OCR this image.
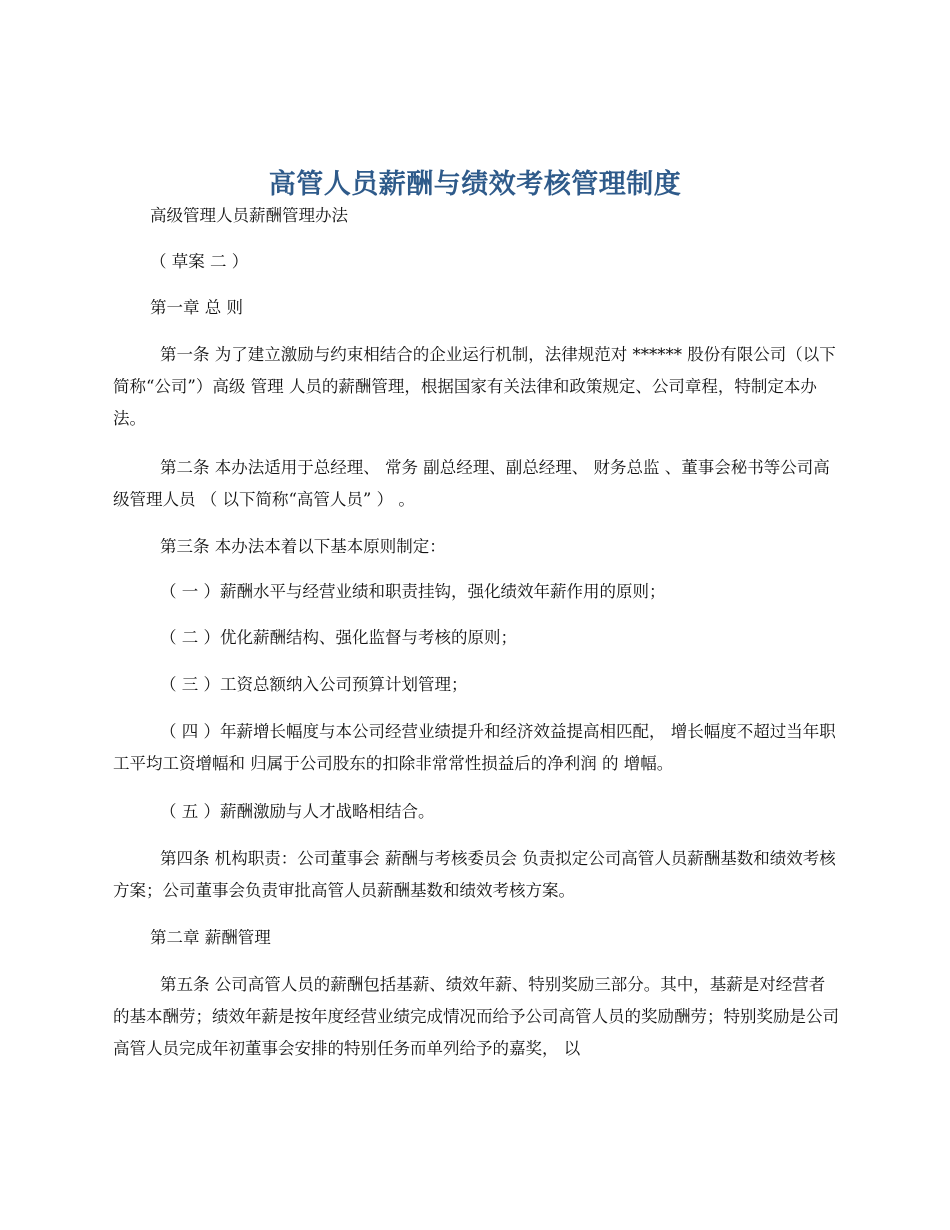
高管人员薪酬与绩效考核管理制度

高级管理人员薪酬管理办法

（ 草案 二 ）

第一章 总 则

第一条 为了建立激励与约束相结合的企业运行机制，法律规范对 ****** 股份有限公司（以下简称“公司”）高级 管理 人员的薪酬管理，根据国家有关法律和政策规定、公司章程，特制定本办法。

第二条 本办法适用于总经理、 常务 副总经理、副总经理、 财务总监 、董事会秘书等公司高级管理人员 （ 以下简称“高管人员” ） 。

第三条 本办法本着以下基本原则制定：

（ 一 ）薪酬水平与经营业绩和职责挂钩，强化绩效年薪作用的原则；

（ 二 ）优化薪酬结构、强化监督与考核的原则；

（ 三 ）工资总额纳入公司预算计划管理；

（ 四 ）年薪增长幅度与本公司经营业绩提升和经济效益提高相匹配， 增长幅度不超过当年职工平均工资增幅和 归属于公司股东的扣除非常常性损益后的净利润 的 增幅。

（ 五 ）薪酬激励与人才战略相结合。

第四条 机构职责：公司董事会 薪酬与考核委员会 负责拟定公司高管人员薪酬基数和绩效考核方案；公司董事会负责审批高管人员薪酬基数和绩效考核方案。

第二章 薪酬管理

第五条 公司高管人员的薪酬包括基薪、绩效年薪、特别奖励三部分。其中，基薪是对经营者的基本酬劳；绩效年薪是按年度经营业绩完成情况而给予公司高管人员的奖励酬劳；特别奖励是公司高管人员完成年初董事会安排的特别任务而单列给予的嘉奖， 以
